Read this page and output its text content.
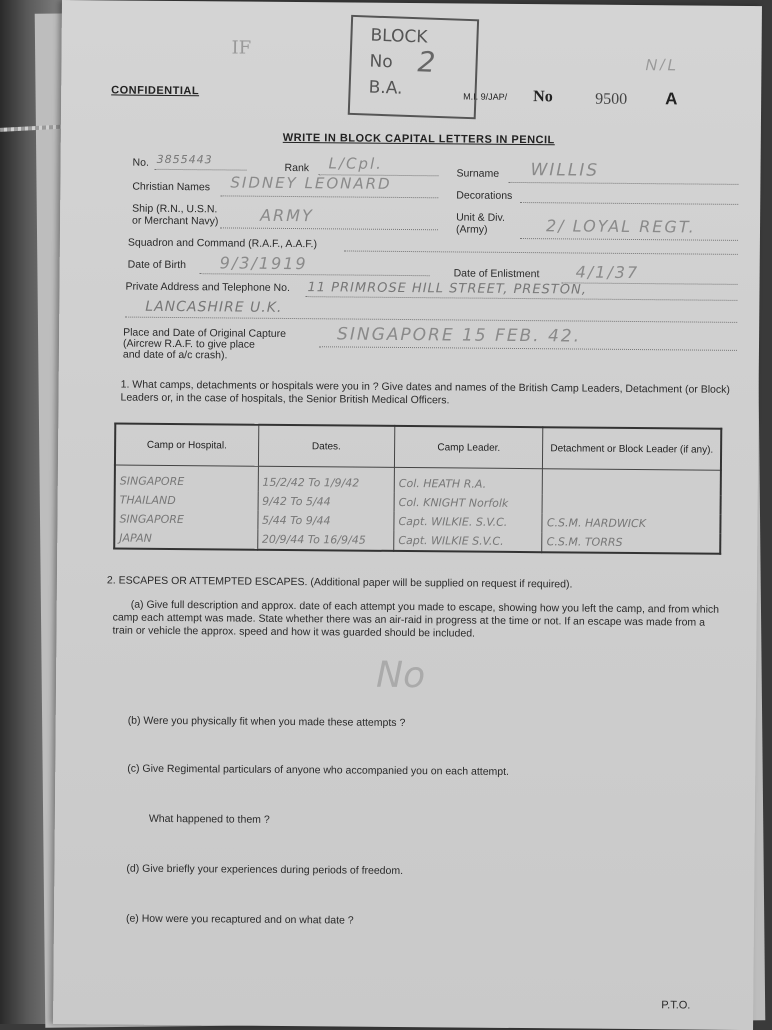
IF
CONFIDENTIAL
BLOCK
No
B.A.
2
M.I. 9/JAP/ No	9500 A
N/L
WRITE IN BLOCK CAPITAL LETTERS IN PENCIL
No. 3855443
Rank L/Cpl.
Surname WILLIS
Christian Names SIDNEY LEONARD
Decorations
Ship (R.N., U.S.N.
or Merchant Navy)	ARMY	Unit & Div.
(Army)	2/ LOYAL REGT.
Squadron and Command (R.A.F., A.A.F.)
Date of Birth 9/3/1919
Date of Enlistment 4/1/37
Private Address and Telephone No. 11 PRIMROSE HILL STREET, PRESTON,
LANCASHIRE U.K.
Place and Date of Original Capture
(Aircrew R.A.F. to give place
and date of a/c crash).
SINGAPORE 15 FEB. 42.
1. What camps, detachments or hospitals were you in ? Give dates and names of the British Camp Leaders, Detachment (or Block) Leaders or, in the case of hospitals, the Senior British Medical Officers.
Camp or Hospital.	Dates.	Camp Leader.	Detachment or Block Leader (if any).
SINGAPORE	15/2/42 To 1/9/42	Col. HEATH R.A.	
THAILAND	9/42 To 5/44	Col. KNIGHT Norfolk	
SINGAPORE	5/44 To 9/44	Capt. WILKIE. S.V.C.	C.S.M. HARDWICK
JAPAN	20/9/44 To 16/9/45	Capt. WILKIE S.V.C.	C.S.M. TORRS
2. ESCAPES OR ATTEMPTED ESCAPES. (Additional paper will be supplied on request if required).
(a) Give full description and approx. date of each attempt you made to escape, showing how you left the camp, and from which camp each attempt was made. State whether there was an air-raid in progress at the time or not. If an escape was made from a train or vehicle the approx. speed and how it was guarded should be included.
No
(b) Were you physically fit when you made these attempts ?
(c) Give Regimental particulars of anyone who accompanied you on each attempt.
What happened to them ?
(d) Give briefly your experiences during periods of freedom.
(e) How were you recaptured and on what date ?
P.T.O.
